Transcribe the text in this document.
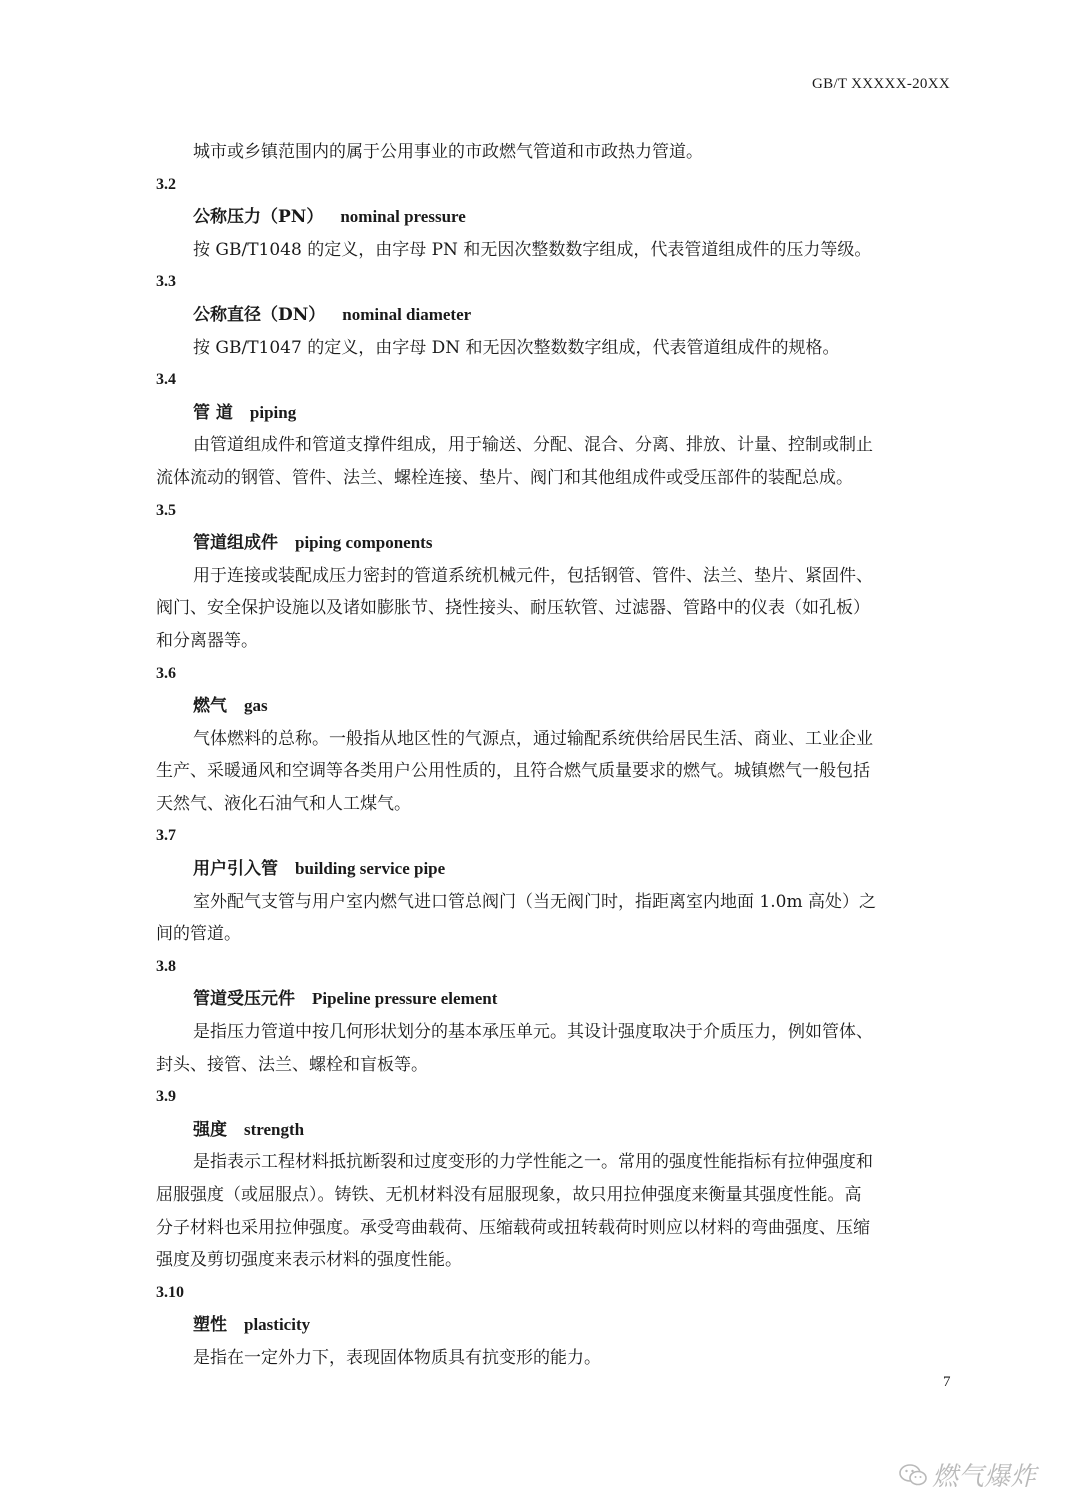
GB/T XXXXX-20XX
城市或乡镇范围内的属于公用事业的市政燃气管道和市政热力管道。
3.2
公称压力（PN）  nominal pressure
按 GB/T1048 的定义，由字母 PN 和无因次整数数字组成，代表管道组成件的压力等级。
3.3
公称直径（DN）  nominal diameter
按 GB/T1047 的定义，由字母 DN 和无因次整数数字组成，代表管道组成件的规格。
3.4
管 道  piping
由管道组成件和管道支撑件组成，用于输送、分配、混合、分离、排放、计量、控制或制止
流体流动的钢管、管件、法兰、螺栓连接、垫片、阀门和其他组成件或受压部件的装配总成。
3.5
管道组成件  piping components
用于连接或装配成压力密封的管道系统机械元件，包括钢管、管件、法兰、垫片、紧固件、
阀门、安全保护设施以及诸如膨胀节、挠性接头、耐压软管、过滤器、管路中的仪表（如孔板）
和分离器等。
3.6
燃气  gas
气体燃料的总称。一般指从地区性的气源点，通过输配系统供给居民生活、商业、工业企业
生产、采暖通风和空调等各类用户公用性质的，且符合燃气质量要求的燃气。城镇燃气一般包括
天然气、液化石油气和人工煤气。
3.7
用户引入管  building service pipe
室外配气支管与用户室内燃气进口管总阀门（当无阀门时，指距离室内地面 1.0m 高处）之
间的管道。
3.8
管道受压元件  Pipeline pressure element
是指压力管道中按几何形状划分的基本承压单元。其设计强度取决于介质压力，例如管体、
封头、接管、法兰、螺栓和盲板等。
3.9
强度  strength
是指表示工程材料抵抗断裂和过度变形的力学性能之一。常用的强度性能指标有拉伸强度和
屈服强度（或屈服点）。铸铁、无机材料没有屈服现象，故只用拉伸强度来衡量其强度性能。高
分子材料也采用拉伸强度。承受弯曲载荷、压缩载荷或扭转载荷时则应以材料的弯曲强度、压缩
强度及剪切强度来表示材料的强度性能。
3.10
塑性  plasticity
是指在一定外力下，表现固体物质具有抗变形的能力。
7
燃气爆炸
